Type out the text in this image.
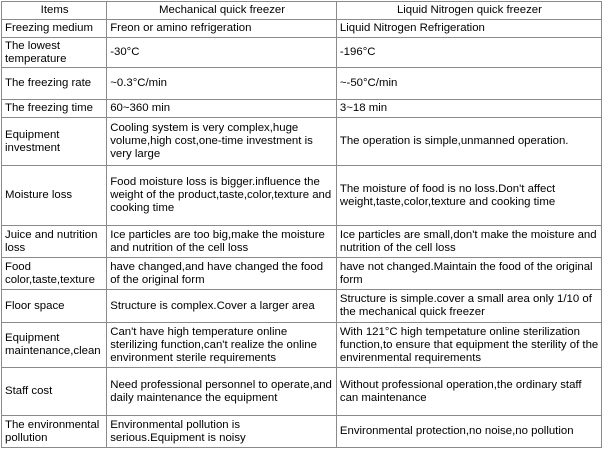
Items	Mechanical quick freezer	Liquid Nitrogen quick freezer
Freezing medium	Freon or amino refrigeration	Liquid Nitrogen Refrigeration
The lowest temperature	-30°C	-196°C
The freezing rate	~0.3°C/min	~-50°C/min
The freezing time	60~360 min	3~18 min
Equipment investment	Cooling system is very complex,huge volume,high cost,one-time investment is very large	The operation is simple,unmanned operation.
Moisture loss	Food moisture loss is bigger.influence the weight of the product,taste,color,texture and cooking time	The moisture of food is no loss.Don't affect weight,taste,color,texture and cooking time
Juice and nutrition loss	Ice particles are too big,make the moisture and nutrition of the cell loss	Ice particles are small,don't make the moisture and nutrition of the cell loss
Food color,taste,texture	have changed,and have changed the food of the original form	have not changed.Maintain the food of the original form
Floor space	Structure is complex.Cover a larger area	Structure is simple.cover a small area only 1/10 of the mechanical quick freezer
Equipment maintenance,clean	Can't have high temperature online sterilizing function,can't realize the online environment sterile requirements	With 121°C high tempetature online sterilization function,to ensure that equipment the sterility of the envirenmental requirements
Staff cost	Need professional personnel to operate,and daily maintenance the equipment	Without professional operation,the ordinary staff can maintenance
The environmental pollution	Environmental pollution is serious.Equipment is noisy	Environmental protection,no noise,no pollution
